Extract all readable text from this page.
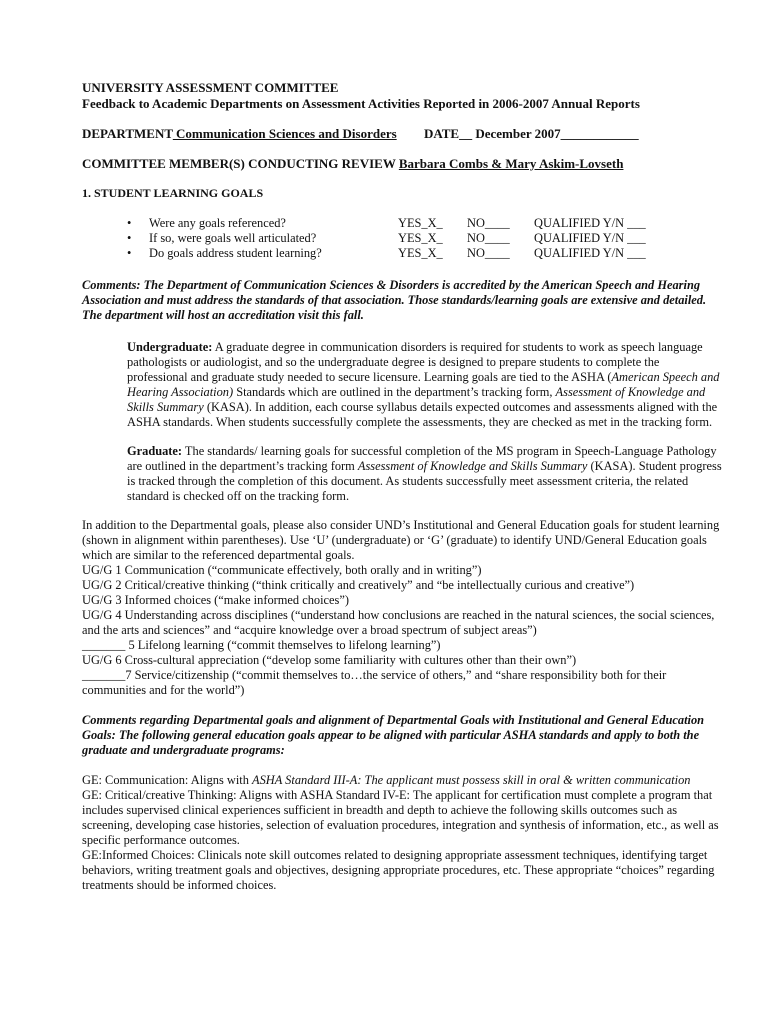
UNIVERSITY ASSESSMENT COMMITTEE
Feedback to Academic Departments on Assessment Activities Reported in 2006-2007 Annual Reports
DEPARTMENT Communication Sciences and Disorders DATE__ December 2007____________
COMMITTEE MEMBER(S) CONDUCTING REVIEW Barbara Combs & Mary Askim-Lovseth
1. STUDENT LEARNING GOALS
• Were any goals referenced?	YES_X_ NO____ QUALIFIED Y/N ___
• If so, were goals well articulated?	YES_X_ NO____ QUALIFIED Y/N ___
• Do goals address student learning?	YES_X_ NO____ QUALIFIED Y/N ___
Comments: The Department of Communication Sciences & Disorders is accredited by the American Speech and Hearing Association and must address the standards of that association. Those standards/learning goals are extensive and detailed. The department will host an accreditation visit this fall.
Undergraduate: A graduate degree in communication disorders is required for students to work as speech language pathologists or audiologist, and so the undergraduate degree is designed to prepare students to complete the professional and graduate study needed to secure licensure. Learning goals are tied to the ASHA (American Speech and Hearing Association) Standards which are outlined in the department’s tracking form, Assessment of Knowledge and Skills Summary (KASA). In addition, each course syllabus details expected outcomes and assessments aligned with the ASHA standards. When students successfully complete the assessments, they are checked as met in the tracking form.
Graduate: The standards/ learning goals for successful completion of the MS program in Speech-Language Pathology are outlined in the department’s tracking form Assessment of Knowledge and Skills Summary (KASA). Student progress is tracked through the completion of this document. As students successfully meet assessment criteria, the related standard is checked off on the tracking form.
In addition to the Departmental goals, please also consider UND’s Institutional and General Education goals for student learning (shown in alignment within parentheses). Use ‘U’ (undergraduate) or ‘G’ (graduate) to identify UND/General Education goals which are similar to the referenced departmental goals.
UG/G 1 Communication (“communicate effectively, both orally and in writing”)
UG/G 2 Critical/creative thinking (“think critically and creatively” and “be intellectually curious and creative”)
UG/G 3 Informed choices (“make informed choices”)
UG/G 4 Understanding across disciplines (“understand how conclusions are reached in the natural sciences, the social sciences, and the arts and sciences” and “acquire knowledge over a broad spectrum of subject areas”)
_______ 5 Lifelong learning (“commit themselves to lifelong learning”)
UG/G 6 Cross-cultural appreciation (“develop some familiarity with cultures other than their own”)
_______7 Service/citizenship (“commit themselves to…the service of others,” and “share responsibility both for their communities and for the world”)
Comments regarding Departmental goals and alignment of Departmental Goals with Institutional and General Education Goals: The following general education goals appear to be aligned with particular ASHA standards and apply to both the graduate and undergraduate programs:
GE: Communication: Aligns with ASHA Standard III-A: The applicant must possess skill in oral & written communication
GE: Critical/creative Thinking: Aligns with ASHA Standard IV-E: The applicant for certification must complete a program that includes supervised clinical experiences sufficient in breadth and depth to achieve the following skills outcomes such as screening, developing case histories, selection of evaluation procedures, integration and synthesis of information, etc., as well as specific performance outcomes.
GE:Informed Choices: Clinicals note skill outcomes related to designing appropriate assessment techniques, identifying target behaviors, writing treatment goals and objectives, designing appropriate procedures, etc. These appropriate “choices” regarding treatments should be informed choices.
